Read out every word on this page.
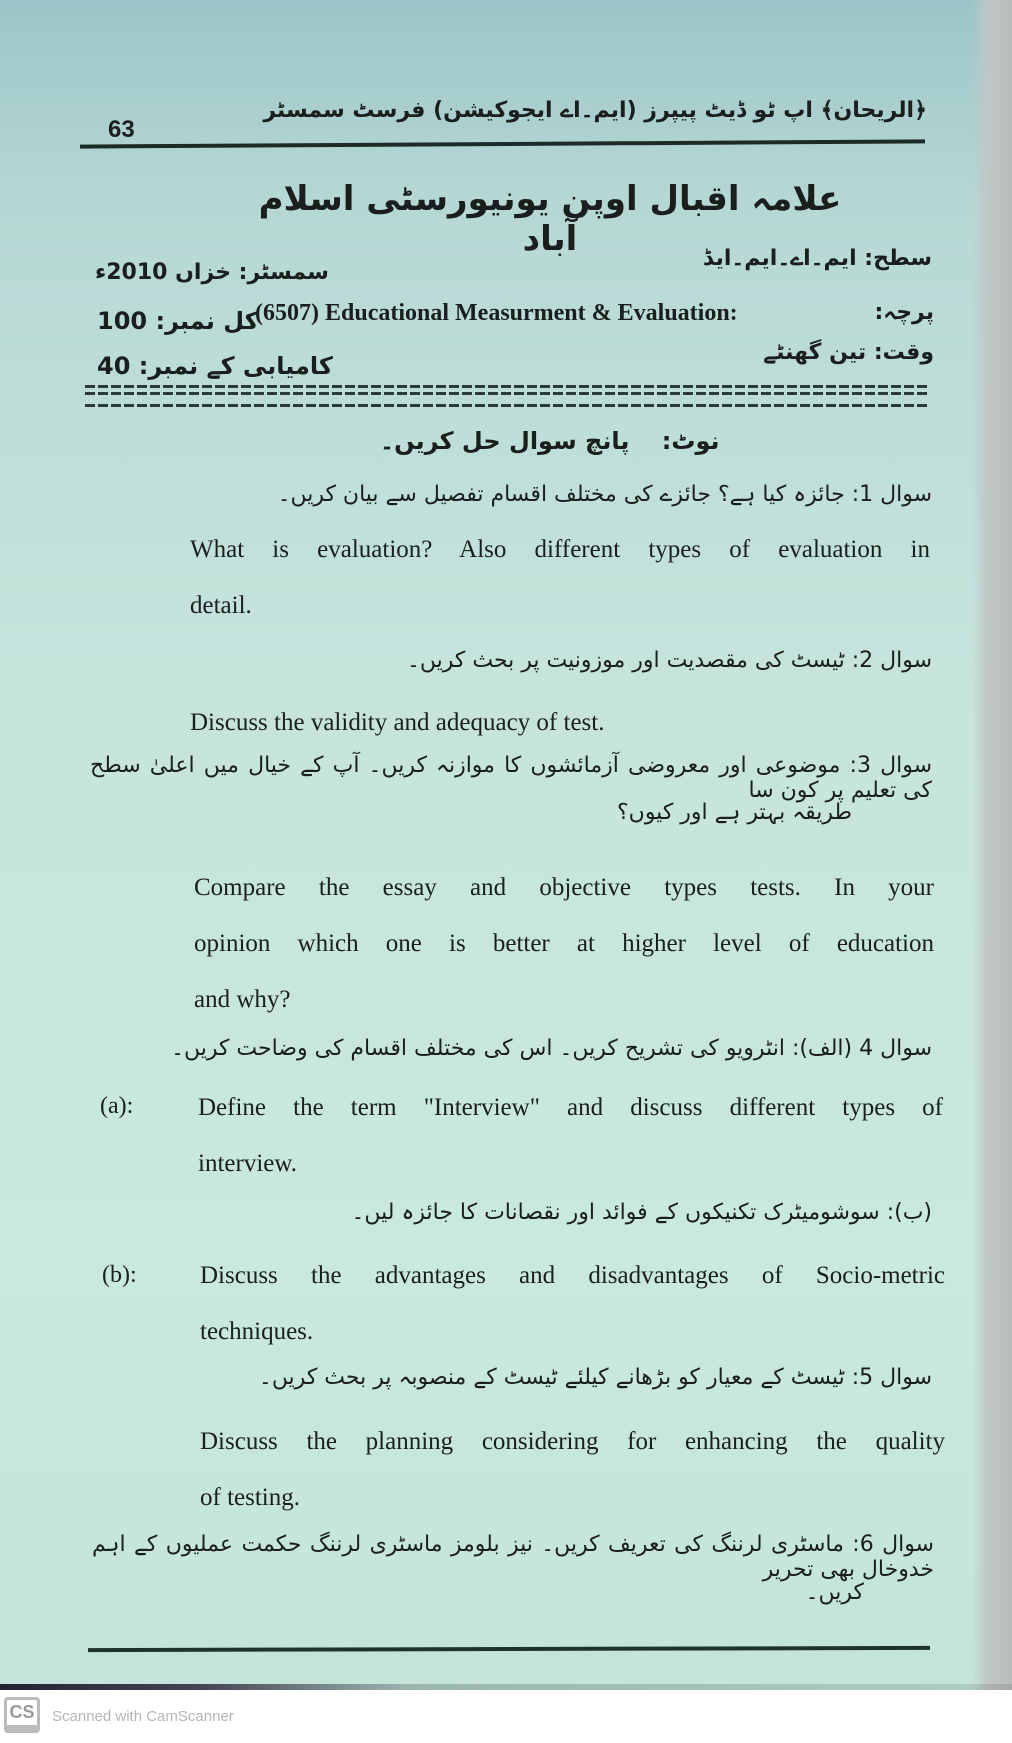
63
﴿الریحان﴾ اپ ٹو ڈیٹ پیپرز (ایم۔اے ایجوکیشن) فرسٹ سمسٹر
علامہ اقبال اوپن یونیورسٹی اسلام آباد	سطح: ایم۔اے۔ایم۔ایڈ
سمسٹر: خزاں 2010ء
پرچہ:
(6507) Educational Measurment & Evaluation:
کل نمبر: 100
وقت: تین گھنٹے
کامیابی کے نمبر: 40
نوٹ: پانچ سوال حل کریں۔
سوال 1: جائزہ کیا ہے؟ جائزے کی مختلف اقسام تفصیل سے بیان کریں۔
What is evaluation? Also different types of evaluation in
detail.
سوال 2: ٹیسٹ کی مقصدیت اور موزونیت پر بحث کریں۔
Discuss the validity and adequacy of test.
سوال 3: موضوعی اور معروضی آزمائشوں کا موازنہ کریں۔ آپ کے خیال میں اعلیٰ سطح کی تعلیم پر کون سا
طریقہ بہتر ہے اور کیوں؟
Compare the essay and objective types tests. In your
opinion which one is better at higher level of education
and why?
سوال 4 (الف): انٹرویو کی تشریح کریں۔ اس کی مختلف اقسام کی وضاحت کریں۔
(a):	Define the term "Interview" and discuss different types of
interview.
(ب): سوشومیٹرک تکنیکوں کے فوائد اور نقصانات کا جائزہ لیں۔
(b):	Discuss the advantages and disadvantages of Socio-metric
techniques.
سوال 5: ٹیسٹ کے معیار کو بڑھانے کیلئے ٹیسٹ کے منصوبہ پر بحث کریں۔
Discuss the planning considering for enhancing the quality
of testing.
سوال 6: ماسٹری لرننگ کی تعریف کریں۔ نیز بلومز ماسٹری لرننگ حکمت عملیوں کے اہم خدوخال بھی تحریر
کریں۔
CS	Scanned with CamScanner
